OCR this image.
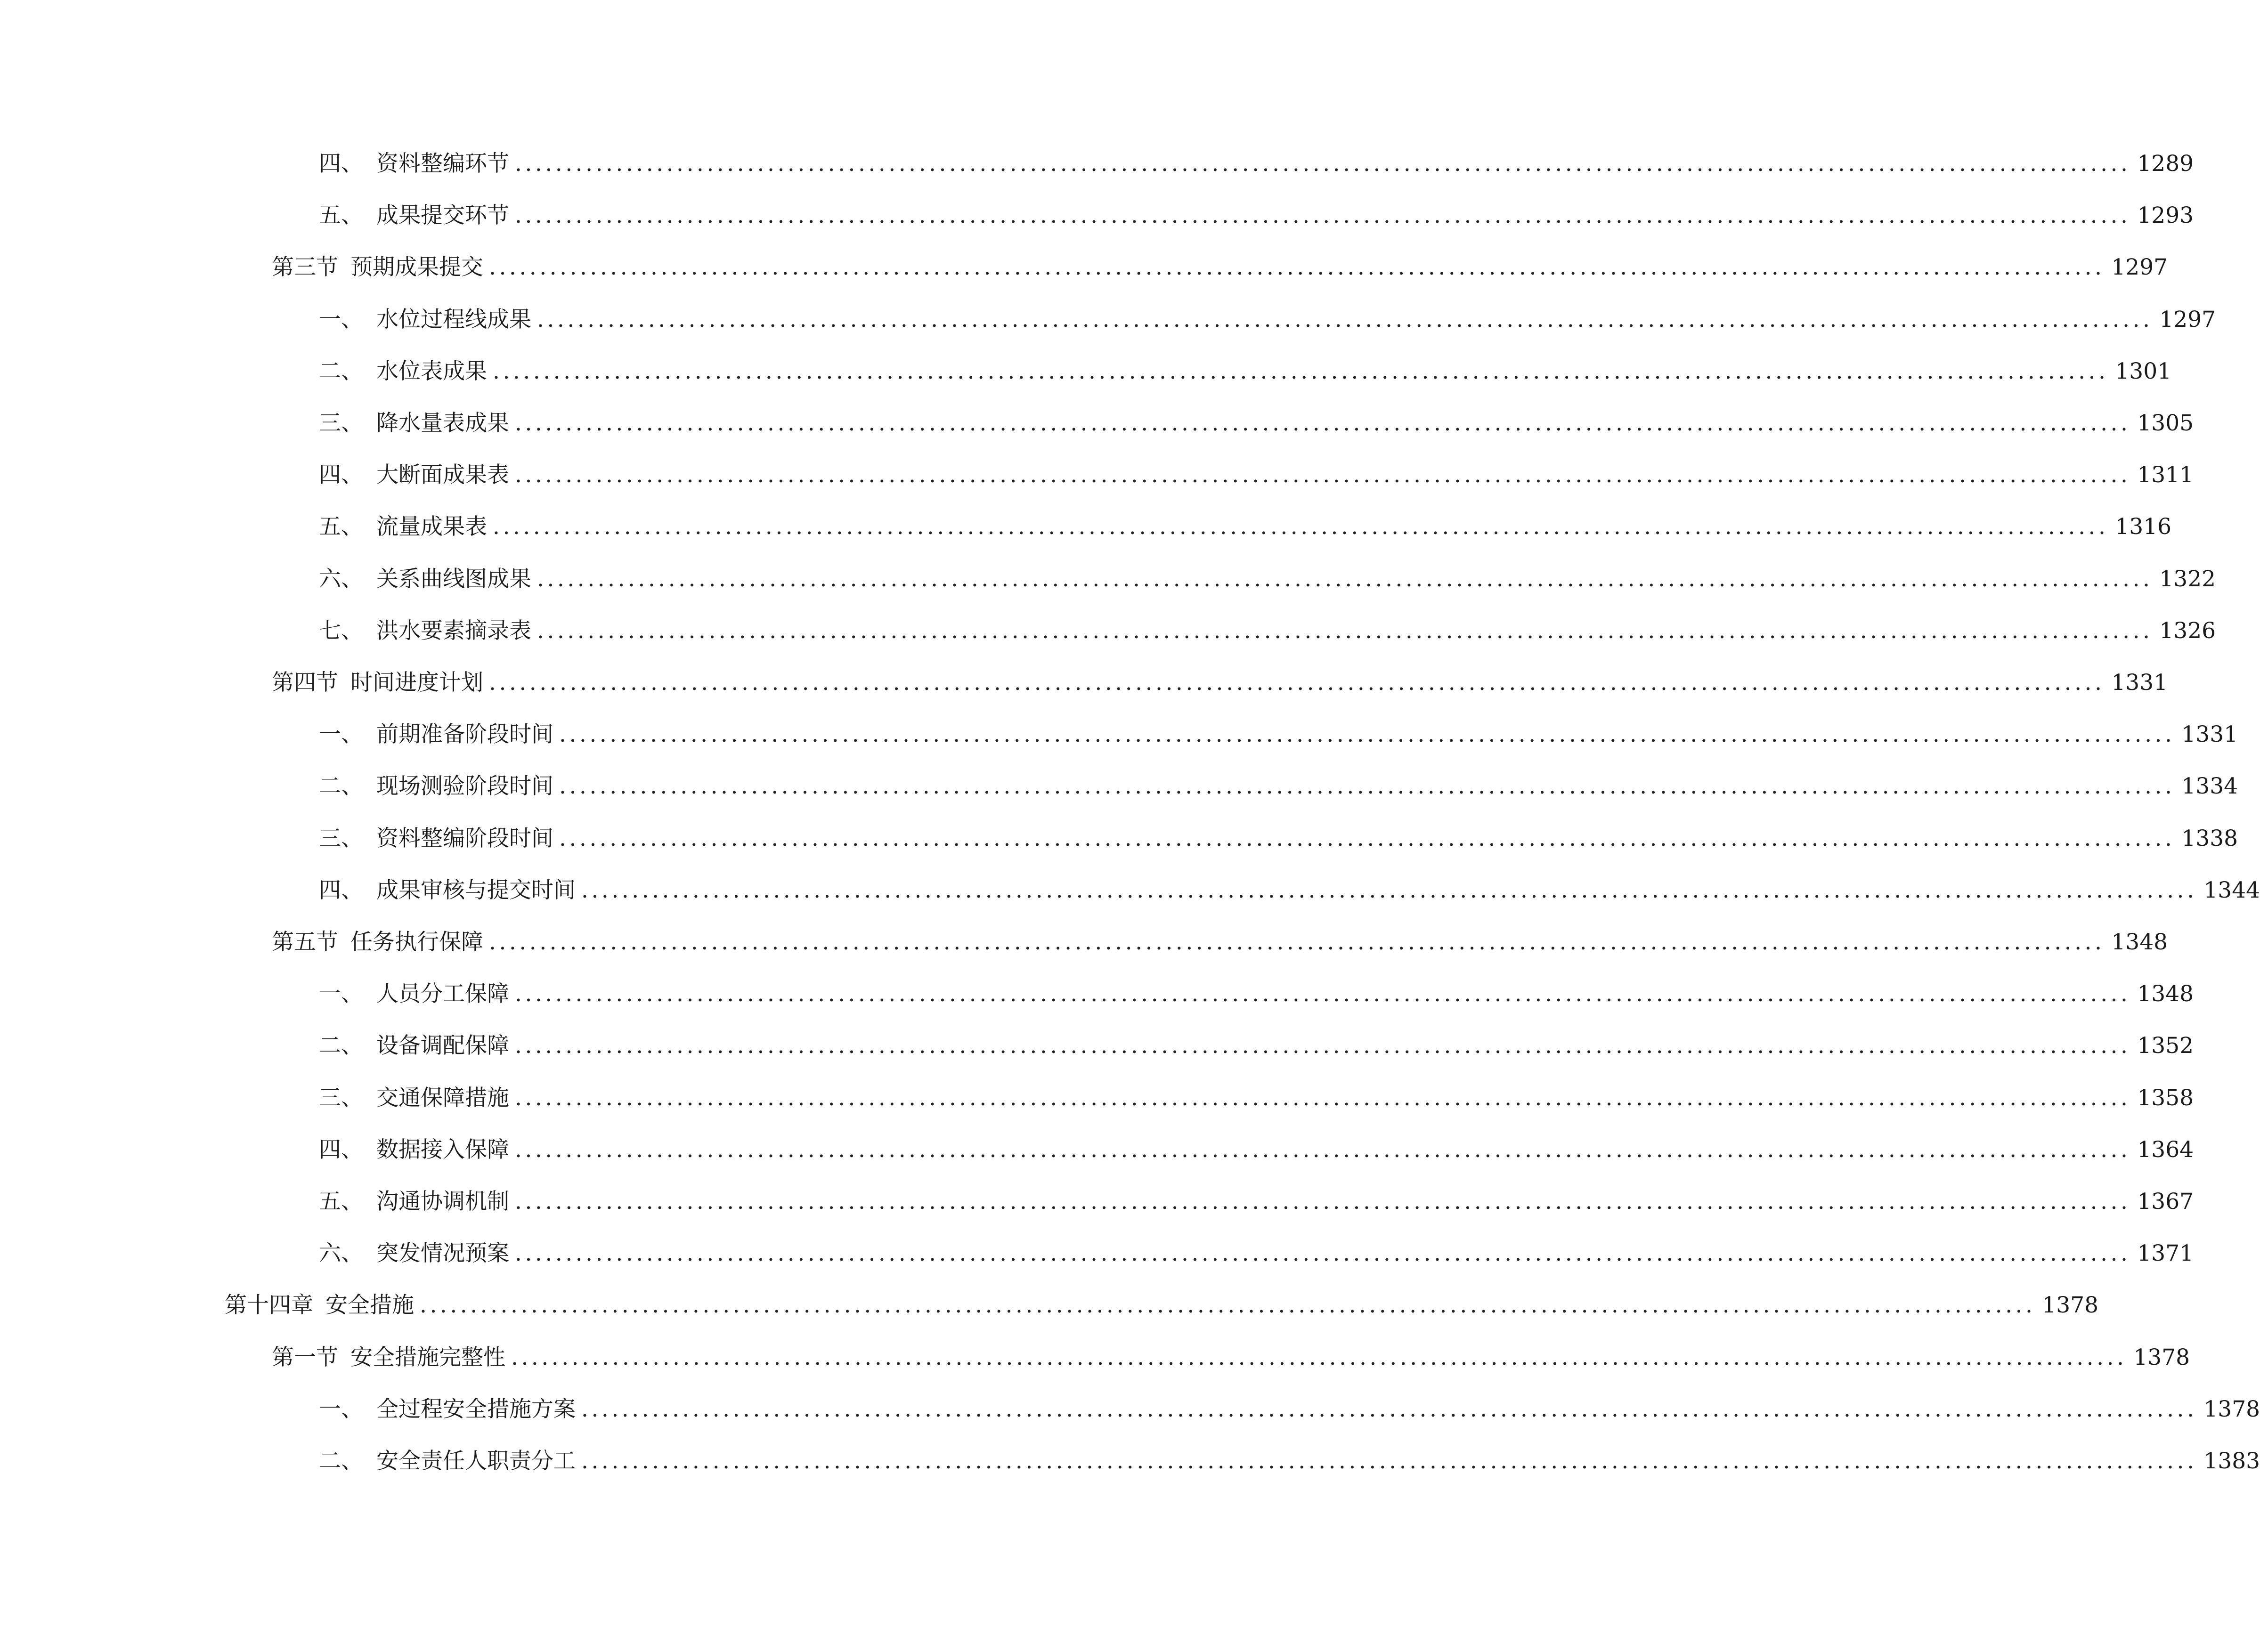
四、 资料整编环节 ................................................................................................................................................................ 1289
五、 成果提交环节 ................................................................................................................................................................ 1293
第三节 预期成果提交 ................................................................................................................................................................ 1297
一、 水位过程线成果 ................................................................................................................................................................ 1297
二、 水位表成果 ................................................................................................................................................................ 1301
三、 降水量表成果 ................................................................................................................................................................ 1305
四、 大断面成果表 ................................................................................................................................................................ 1311
五、 流量成果表 ................................................................................................................................................................ 1316
六、 关系曲线图成果 ................................................................................................................................................................ 1322
七、 洪水要素摘录表 ................................................................................................................................................................ 1326
第四节 时间进度计划 ................................................................................................................................................................ 1331
一、 前期准备阶段时间 ................................................................................................................................................................ 1331
二、 现场测验阶段时间 ................................................................................................................................................................ 1334
三、 资料整编阶段时间 ................................................................................................................................................................ 1338
四、 成果审核与提交时间 ................................................................................................................................................................ 1344
第五节 任务执行保障 ................................................................................................................................................................ 1348
一、 人员分工保障 ................................................................................................................................................................ 1348
二、 设备调配保障 ................................................................................................................................................................ 1352
三、 交通保障措施 ................................................................................................................................................................ 1358
四、 数据接入保障 ................................................................................................................................................................ 1364
五、 沟通协调机制 ................................................................................................................................................................ 1367
六、 突发情况预案 ................................................................................................................................................................ 1371
第十四章 安全措施 ................................................................................................................................................................ 1378
第一节 安全措施完整性 ................................................................................................................................................................ 1378
一、 全过程安全措施方案 ................................................................................................................................................................ 1378
二、 安全责任人职责分工 ................................................................................................................................................................ 1383
